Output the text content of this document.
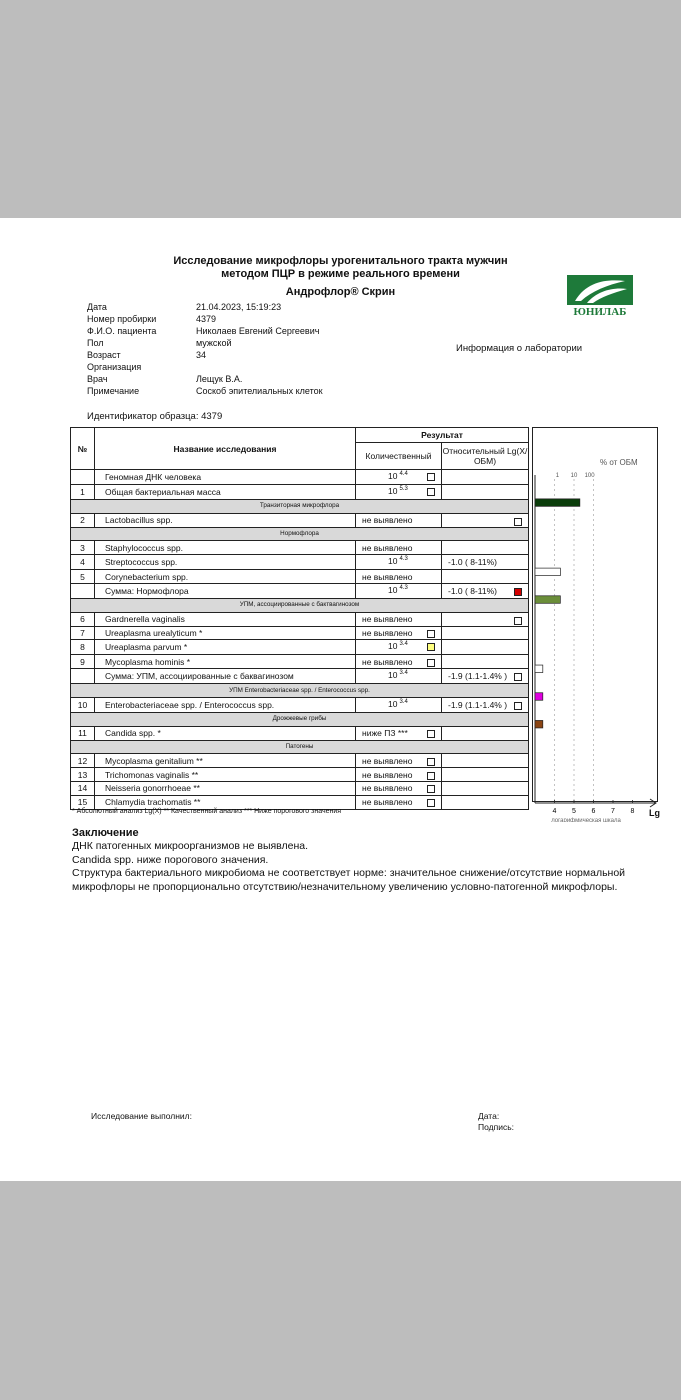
Исследование микрофлоры урогенитального тракта мужчин
методом ПЦР в режиме реального времени
Андрофлор® Скрин
ЮНИЛАБ
Дата	21.04.2023, 15:19:23
Номер пробирки	4379
Ф.И.О. пациента	Николаев Евгений Сергеевич
Пол	мужской
Возраст	34
Организация
Врач	Лещук В.А.
Примечание	Соскоб эпителиальных клеток
Информация о лаборатории
Идентификатор образца: 4379
№	Название исследования	Результат	
		Количественный	Относительный Lg(X/ОБМ)
	Геномная ДНК человека	10 $^{4.4}$

1	Общая бактериальная масса	10 $^{5.3}$

Транзиторная микрофлора			
2	Lactobacillus spp.	не выявлено	

Нормофлора			
3	Staphylococcus spp.	не выявлено	
4	Streptococcus spp.	10 $^{4.3}$	-1.0 ( 8-11%)
5	Corynebacterium spp.	не выявлено	
	Сумма: Нормофлора	10 $^{4.3}$	-1.0 ( 8-11%)

УПМ, ассоциированные с бактвагинозом			
6	Gardnerella vaginalis	не выявлено	

7	Ureaplasma urealyticum *	не выявлено

8	Ureaplasma parvum *	10 $^{3.4}$

9	Mycoplasma hominis *	не выявлено

	Сумма: УПМ, ассоциированные с баквагинозом	10 $^{3.4}$	-1.9 (1.1-1.4% )

УПМ Enterobacteriaceae spp. / Enterococcus spp.			
10	Enterobacteriaceae spp. / Enterococcus spp.	10 $^{3.4}$	-1.9 (1.1-1.4% )

Дрожжевые грибы			
11	Candida spp. *	ниже ПЗ ***

Патогены			
12	Mycoplasma genitalium **	не выявлено

13	Trichomonas vaginalis **	не выявлено

14	Neisseria gonorrhoeae **	не выявлено

15	Chlamydia trachomatis **	не выявлено

% от ОБМ
1 10 100
4 5 6 7 8
логарифмическая шкала
* Абсолютный анализ Lg(X) ** Качественный анализ *** Ниже порогового значения
Заключение
ДНК патогенных микроорганизмов не выявлена.
Candida spp. ниже порогового значения.
Структура бактериального микробиома не соответствует норме: значительное снижение/отсутствие нормальной микрофлоры не пропорционально отсутствию/незначительному увеличению условно-патогенной микрофлоры.
Исследование выполнил:	Дата:
Подпись:
Lg
